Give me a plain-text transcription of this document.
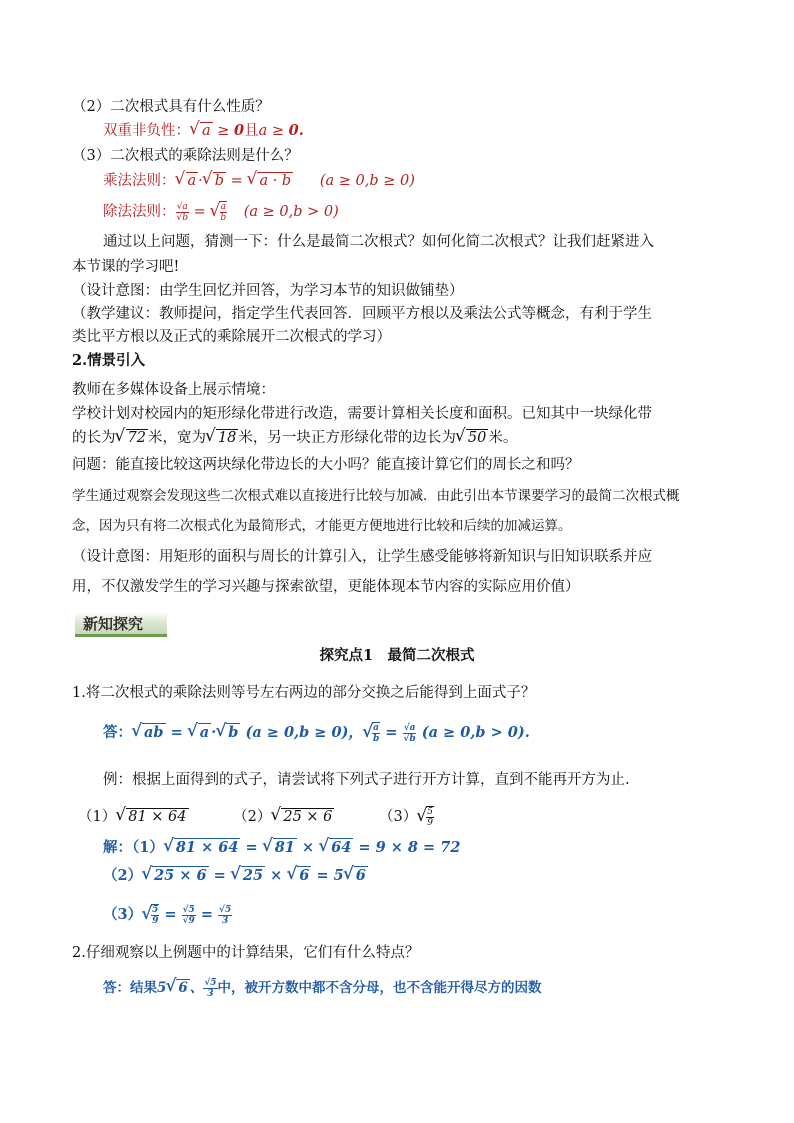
（2）二次根式具有什么性质？
双重非负性： √ a ≥ 0且a ≥ 0.
（3）二次根式的乘除法则是什么？
乘法法则： √ a · √ b = √ a · b (a ≥ 0,b ≥ 0)
除法法则： $\frac{√a}{√b}$ = √ $\frac{a}{b} (a \ge 0,b > 0)$
通过以上问题，猜测一下：什么是最简二次根式？如何化简二次根式？让我们赶紧进入
本节课的学习吧!
（设计意图：由学生回忆并回答，为学习本节的知识做铺垫）
（教学建议：教师提问，指定学生代表回答．回顾平方根以及乘法公式等概念，有利于学生
类比平方根以及正式的乘除展开二次根式的学习）
2.情景引入
教师在多媒体设备上展示情境：
学校计划对校园内的矩形绿化带进行改造，需要计算相关长度和面积。已知其中一块绿化带
的长为 √ 72 米，宽为 √ 18 米，另一块正方形绿化带的边长为 √ 50 米。
问题：能直接比较这两块绿化带边长的大小吗？能直接计算它们的周长之和吗？
学生通过观察会发现这些二次根式难以直接进行比较与加减．由此引出本节课要学习的最简二次根式概
念，因为只有将二次根式化为最简形式，才能更方便地进行比较和后续的加减运算。
（设计意图：用矩形的面积与周长的计算引入，让学生感受能够将新知识与旧知识联系并应
用，不仅激发学生的学习兴趣与探索欲望，更能体现本节内容的实际应用价值）
新知探究
探究点1　最简二次根式
1.将二次根式的乘除法则等号左右两边的部分交换之后能得到上面式子？
答： √ ab = √ a · √ b (a ≥ 0,b ≥ 0)， √ $\frac{a}{b} = \frac{√a}{√b} (a \ge 0,b > 0)$.
例：根据上面得到的式子，请尝试将下列式子进行开方计算，直到不能再开方为止.
（1） √ 81 × 64	（2） √ 25 × 6	（3） √ $\frac{5}{9}$
解：（1） √ 81 × 64 = √ 81 × √ 64 = 9 × 8 = 72
（2） √ 25 × 6 = √ 25 × √ 6 = 5 √ 6
（3） √ $\frac{5}{9} = \frac{√5}{√9} = \frac{√5}{3}$
2.仔细观察以上例题中的计算结果，它们有什么特点？
答：结果5 √ 6 、 $\frac{√5}{3}$ 中，被开方数中都不含分母，也不含能开得尽方的因数
